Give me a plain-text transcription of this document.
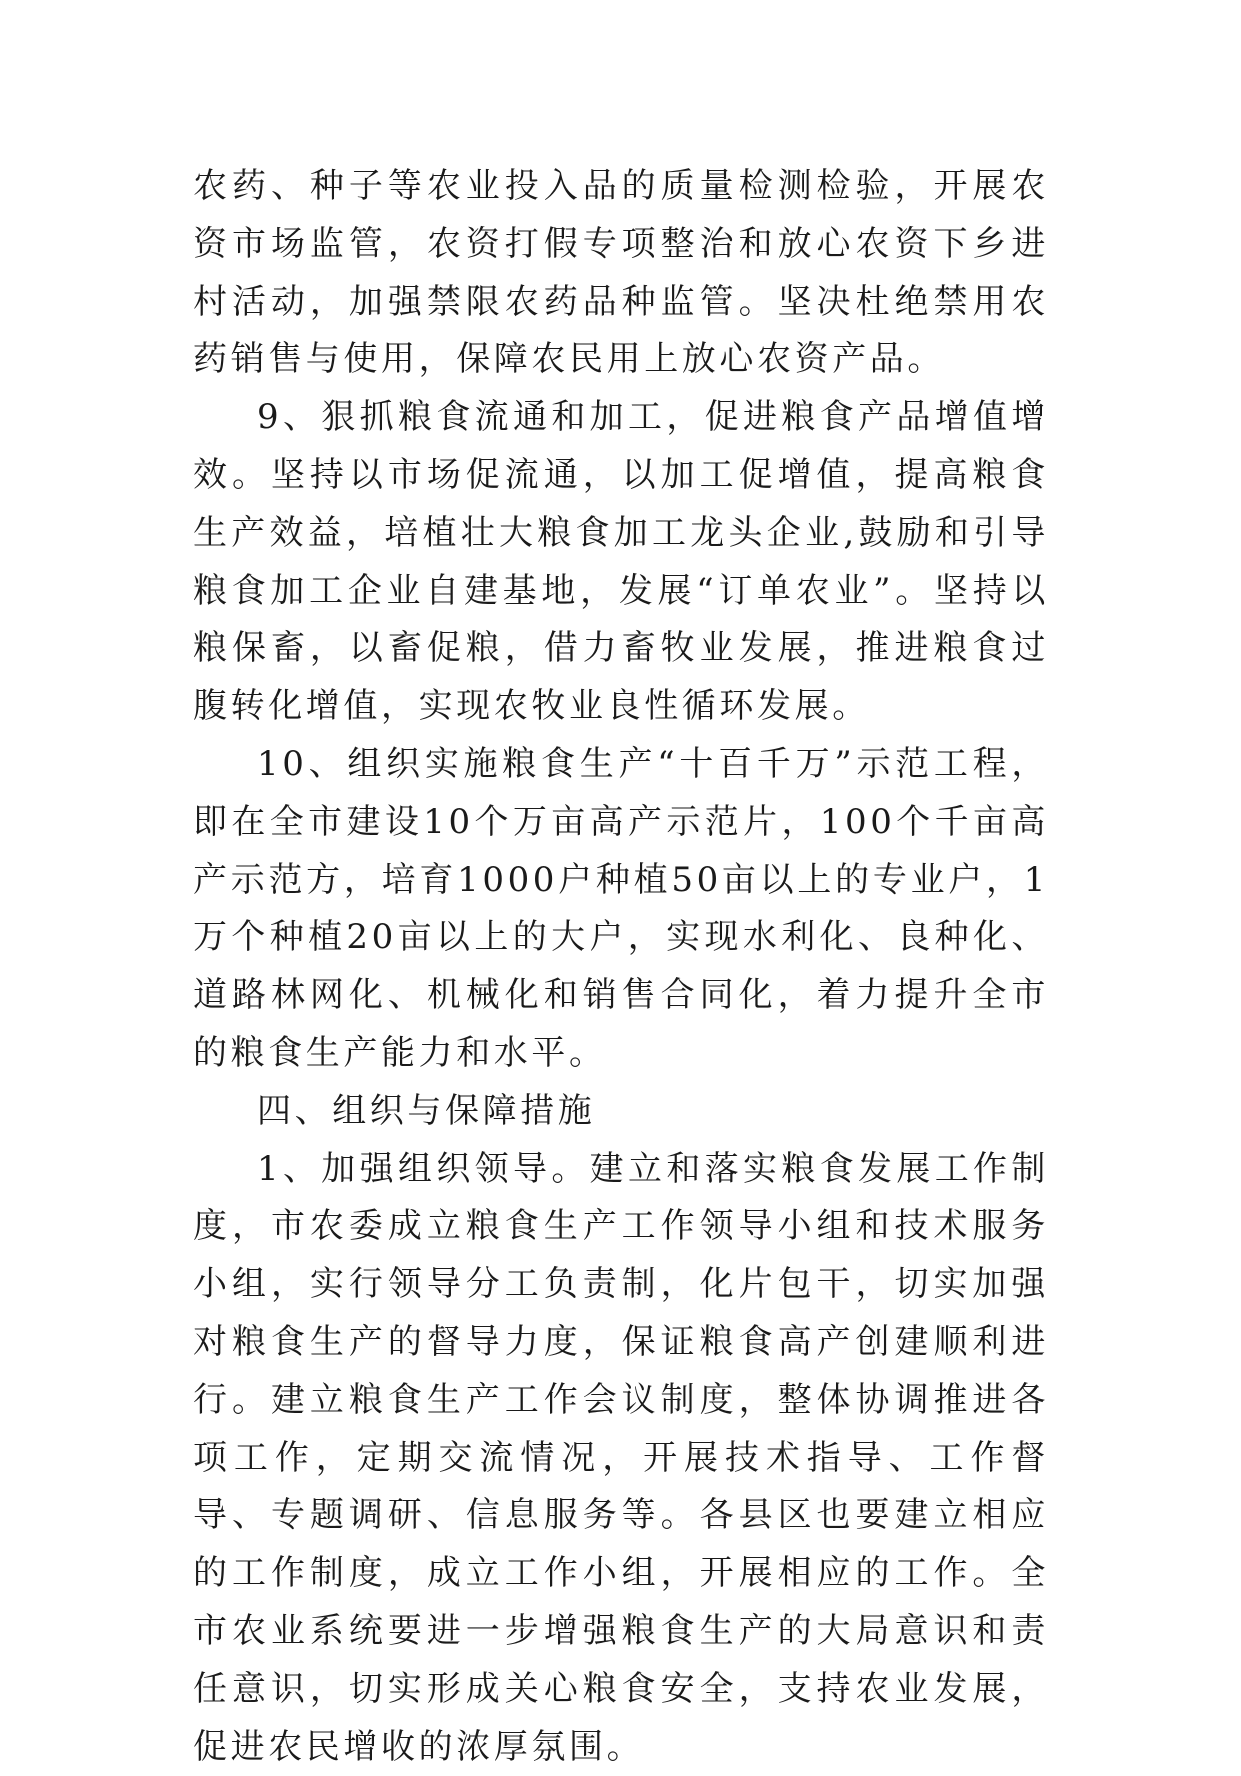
农药、种子等农业投入品的质量检测检验，开展农资市场监管，农资打假专项整治和放心农资下乡进村活动，加强禁限农药品种监管。坚决杜绝禁用农药销售与使用，保障农民用上放心农资产品。

9、狠抓粮食流通和加工，促进粮食产品增值增效。坚持以市场促流通，以加工促增值，提高粮食生产效益，培植壮大粮食加工龙头企业,鼓励和引导粮食加工企业自建基地，发展“订单农业”。坚持以粮保畜，以畜促粮，借力畜牧业发展，推进粮食过腹转化增值，实现农牧业良性循环发展。

10、组织实施粮食生产“十百千万”示范工程，即在全市建设10个万亩高产示范片，100个千亩高产示范方，培育1000户种植50亩以上的专业户，1万个种植20亩以上的大户，实现水利化、良种化、道路林网化、机械化和销售合同化，着力提升全市的粮食生产能力和水平。

四、组织与保障措施

1、加强组织领导。建立和落实粮食发展工作制度，市农委成立粮食生产工作领导小组和技术服务小组，实行领导分工负责制，化片包干，切实加强对粮食生产的督导力度，保证粮食高产创建顺利进行。建立粮食生产工作会议制度，整体协调推进各项工作，定期交流情况，开展技术指导、工作督导、专题调研、信息服务等。各县区也要建立相应的工作制度，成立工作小组，开展相应的工作。全市农业系统要进一步增强粮食生产的大局意识和责任意识，切实形成关心粮食安全，支持农业发展，促进农民增收的浓厚氛围。
